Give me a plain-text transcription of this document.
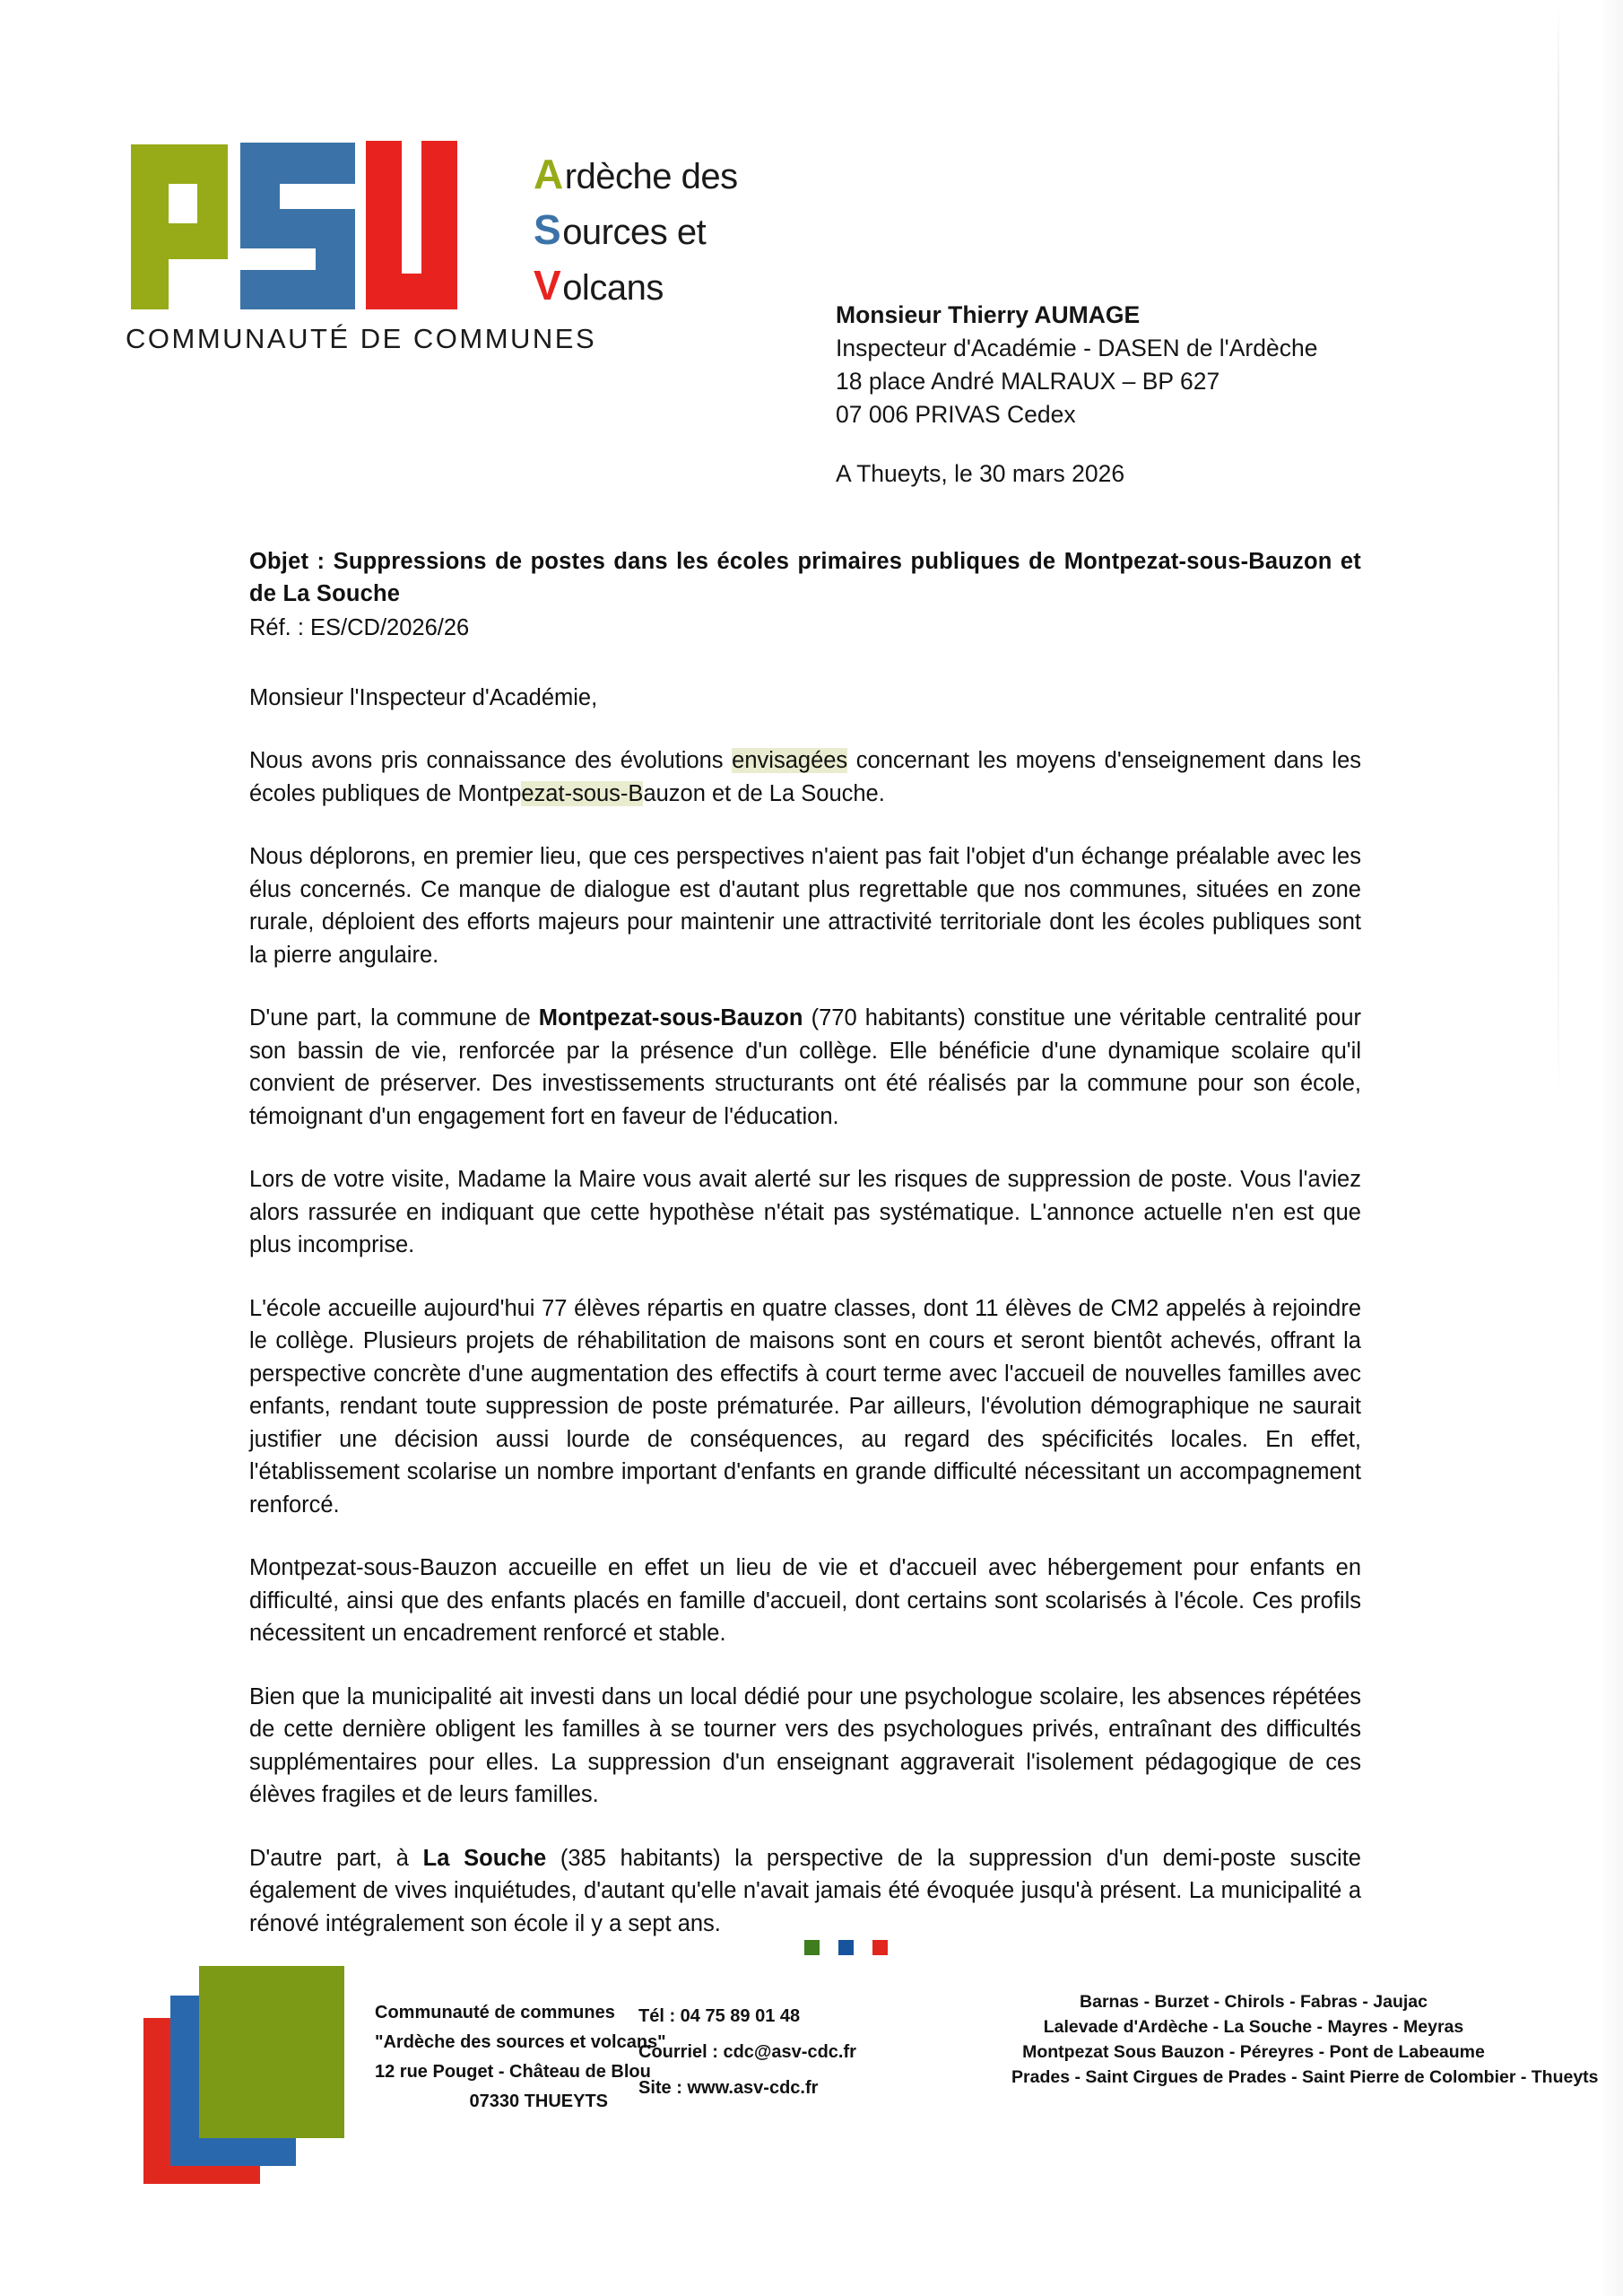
A rdèche des
S ources et
V olcans
COMMUNAUTÉ DE COMMUNES
Monsieur Thierry AUMAGE
Inspecteur d'Académie - DASEN de l'Ardèche
18 place André MALRAUX – BP 627
07 006 PRIVAS Cedex
A Thueyts, le 30 mars 2026
Objet : Suppressions de postes dans les écoles primaires publiques de Montpezat-sous-Bauzon et de La Souche
Réf. : ES/CD/2026/26
Monsieur l'Inspecteur d'Académie,

Nous avons pris connaissance des évolutions envisagées concernant les moyens d'enseignement dans les écoles publiques de Montpezat-sous-Bauzon et de La Souche.

Nous déplorons, en premier lieu, que ces perspectives n'aient pas fait l'objet d'un échange préalable avec les élus concernés. Ce manque de dialogue est d'autant plus regrettable que nos communes, situées en zone rurale, déploient des efforts majeurs pour maintenir une attractivité territoriale dont les écoles publiques sont la pierre angulaire.

D'une part, la commune de Montpezat-sous-Bauzon (770 habitants) constitue une véritable centralité pour son bassin de vie, renforcée par la présence d'un collège. Elle bénéficie d'une dynamique scolaire qu'il convient de préserver. Des investissements structurants ont été réalisés par la commune pour son école, témoignant d'un engagement fort en faveur de l'éducation.

Lors de votre visite, Madame la Maire vous avait alerté sur les risques de suppression de poste. Vous l'aviez alors rassurée en indiquant que cette hypothèse n'était pas systématique. L'annonce actuelle n'en est que plus incomprise.

L'école accueille aujourd'hui 77 élèves répartis en quatre classes, dont 11 élèves de CM2 appelés à rejoindre le collège. Plusieurs projets de réhabilitation de maisons sont en cours et seront bientôt achevés, offrant la perspective concrète d'une augmentation des effectifs à court terme avec l'accueil de nouvelles familles avec enfants, rendant toute suppression de poste prématurée. Par ailleurs, l'évolution démographique ne saurait justifier une décision aussi lourde de conséquences, au regard des spécificités locales. En effet, l'établissement scolarise un nombre important d'enfants en grande difficulté nécessitant un accompagnement renforcé.

Montpezat-sous-Bauzon accueille en effet un lieu de vie et d'accueil avec hébergement pour enfants en difficulté, ainsi que des enfants placés en famille d'accueil, dont certains sont scolarisés à l'école. Ces profils nécessitent un encadrement renforcé et stable.

Bien que la municipalité ait investi dans un local dédié pour une psychologue scolaire, les absences répétées de cette dernière obligent les familles à se tourner vers des psychologues privés, entraînant des difficultés supplémentaires pour elles. La suppression d'un enseignant aggraverait l'isolement pédagogique de ces élèves fragiles et de leurs familles.

D'autre part, à La Souche (385 habitants) la perspective de la suppression d'un demi-poste suscite également de vives inquiétudes, d'autant qu'elle n'avait jamais été évoquée jusqu'à présent. La municipalité a rénové intégralement son école il y a sept ans.

Communauté de communes
"Ardèche des sources et volcans"
12 rue Pouget - Château de Blou
07330 THUEYTS
Tél : 04 75 89 01 48
Courriel : cdc@asv-cdc.fr
Site : www.asv-cdc.fr
Barnas - Burzet - Chirols - Fabras - Jaujac
Lalevade d'Ardèche - La Souche - Mayres - Meyras
Montpezat Sous Bauzon - Péreyres - Pont de Labeaume
Prades - Saint Cirgues de Prades - Saint Pierre de Colombier - Thueyts
